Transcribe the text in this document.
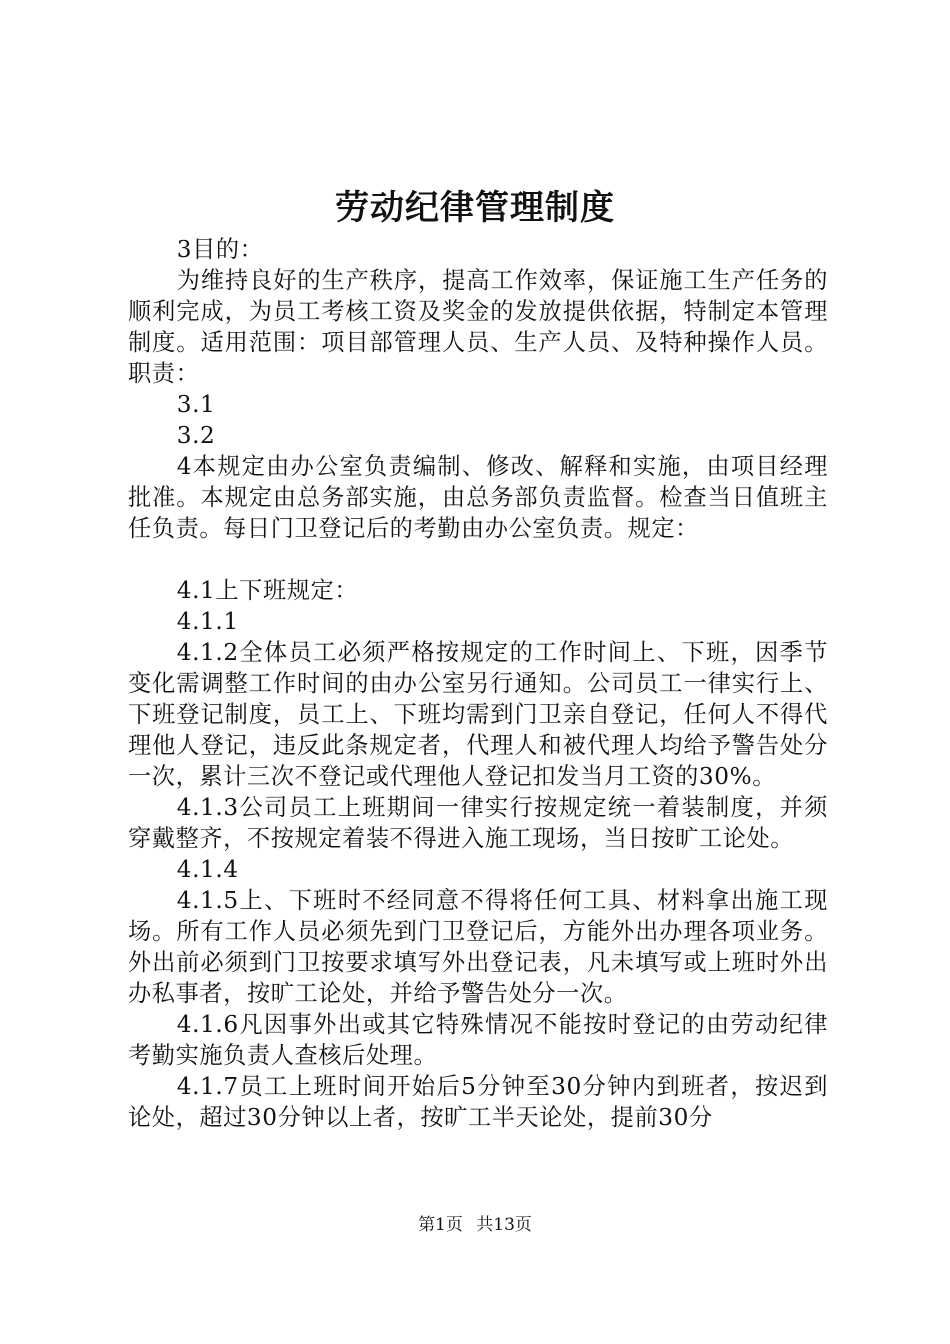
劳动纪律管理制度

3目的：

为维持良好的生产秩序，提高工作效率，保证施工生产任务的顺利完成，为员工考核工资及奖金的发放提供依据，特制定本管理制度。适用范围：项目部管理人员、生产人员、及特种操作人员。职责：

3.1

3.2

4本规定由办公室负责编制、修改、解释和实施，由项目经理批准。本规定由总务部实施，由总务部负责监督。检查当日值班主任负责。每日门卫登记后的考勤由办公室负责。规定：

4.1上下班规定：

4.1.1

4.1.2全体员工必须严格按规定的工作时间上、下班，因季节变化需调整工作时间的由办公室另行通知。公司员工一律实行上、下班登记制度，员工上、下班均需到门卫亲自登记，任何人不得代理他人登记，违反此条规定者，代理人和被代理人均给予警告处分一次，累计三次不登记或代理他人登记扣发当月工资的30%。

4.1.3公司员工上班期间一律实行按规定统一着装制度，并须穿戴整齐，不按规定着装不得进入施工现场，当日按旷工论处。

4.1.4

4.1.5上、下班时不经同意不得将任何工具、材料拿出施工现场。所有工作人员必须先到门卫登记后，方能外出办理各项业务。外出前必须到门卫按要求填写外出登记表，凡未填写或上班时外出办私事者，按旷工论处，并给予警告处分一次。

4.1.6凡因事外出或其它特殊情况不能按时登记的由劳动纪律考勤实施负责人查核后处理。

4.1.7员工上班时间开始后5分钟至30分钟内到班者，按迟到论处，超过30分钟以上者，按旷工半天论处，提前30分

第1页 共13页
